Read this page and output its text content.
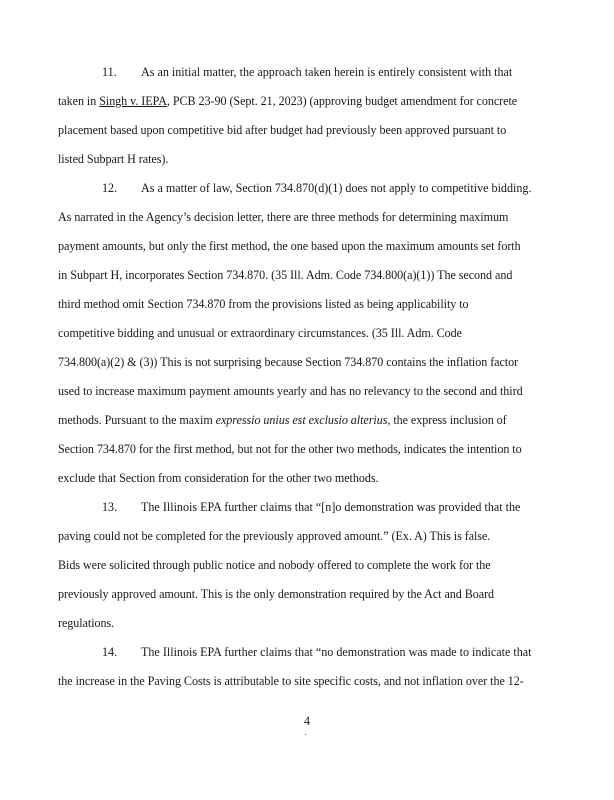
11. As an initial matter, the approach taken herein is entirely consistent with that
taken in Singh v. IEPA, PCB 23-90 (Sept. 21, 2023) (approving budget amendment for concrete
placement based upon competitive bid after budget had previously been approved pursuant to
listed Subpart H rates).
12. As a matter of law, Section 734.870(d)(1) does not apply to competitive bidding.
As narrated in the Agency’s decision letter, there are three methods for determining maximum
payment amounts, but only the first method, the one based upon the maximum amounts set forth
in Subpart H, incorporates Section 734.870. (35 Ill. Adm. Code 734.800(a)(1)) The second and
third method omit Section 734.870 from the provisions listed as being applicability to
competitive bidding and unusual or extraordinary circumstances. (35 Ill. Adm. Code
734.800(a)(2) & (3)) This is not surprising because Section 734.870 contains the inflation factor
used to increase maximum payment amounts yearly and has no relevancy to the second and third
methods. Pursuant to the maxim expressio unius est exclusio alterius, the express inclusion of
Section 734.870 for the first method, but not for the other two methods, indicates the intention to
exclude that Section from consideration for the other two methods.
13. The Illinois EPA further claims that “[n]o demonstration was provided that the
paving could not be completed for the previously approved amount.” (Ex. A) This is false.
Bids were solicited through public notice and nobody offered to complete the work for the
previously approved amount. This is the only demonstration required by the Act and Board
regulations.
14. The Illinois EPA further claims that “no demonstration was made to indicate that
the increase in the Paving Costs is attributable to site specific costs, and not inflation over the 12-
4
